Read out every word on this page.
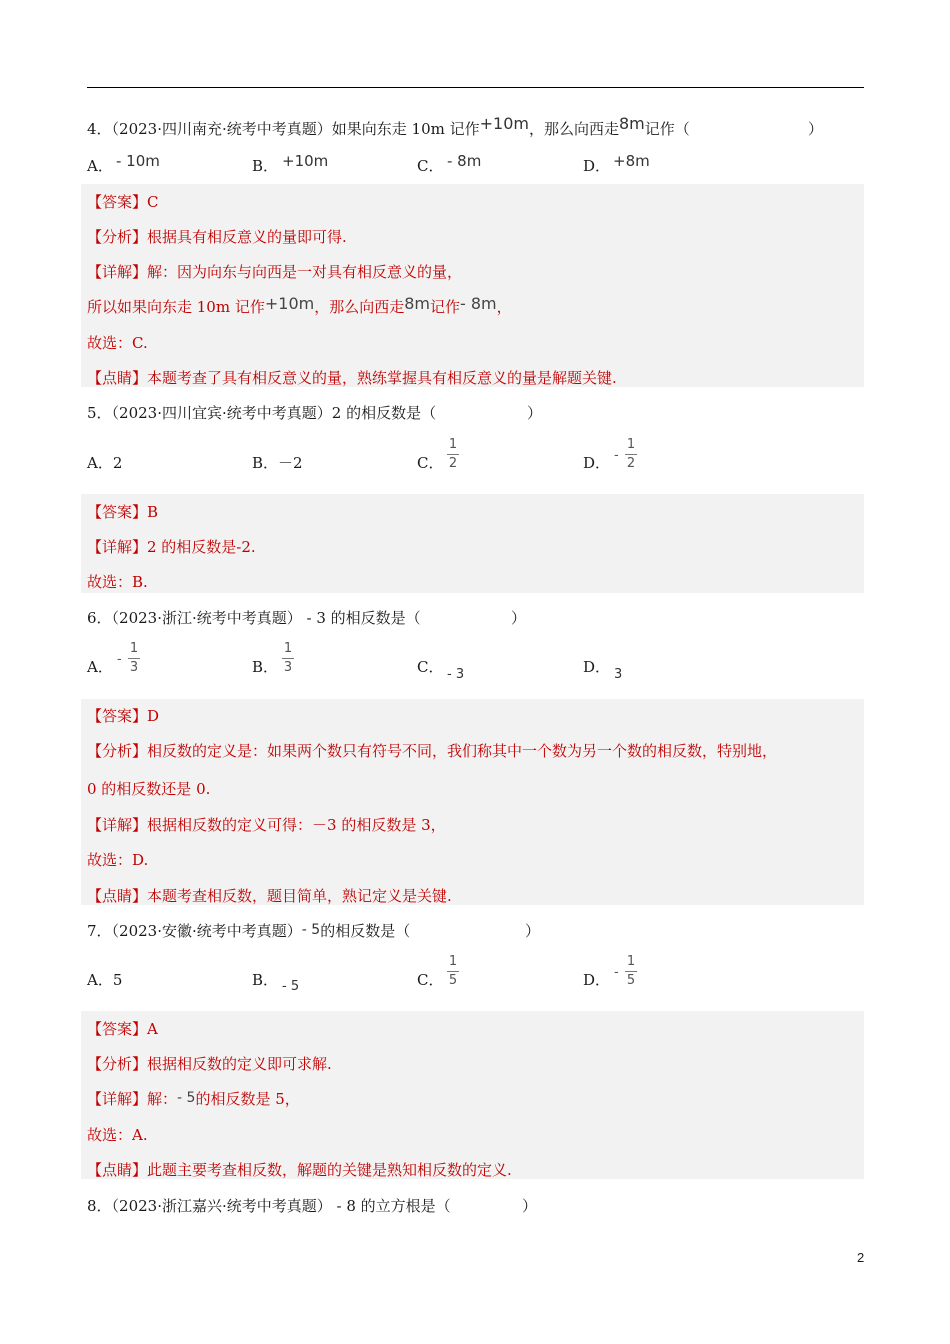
4．（2023·四川南充·统考中考真题）如果向东走 10m 记作+10m，那么向西走8m记作（	）
A． - 10m	B． +10m	C． - 8m	D． +8m
【答案】C
【分析】根据具有相反意义的量即可得.
【详解】解：因为向东与向西是一对具有相反意义的量，
所以如果向东走 10m 记作+10m，那么向西走8m记作- 8m，
故选：C.
【点睛】本题考查了具有相反意义的量，熟练掌握具有相反意义的量是解题关键.
5．（2023·四川宜宾·统考中考真题）2 的相反数是（	）
A．2	B．－2	C．
1
2	D． -
1
2
【答案】B
【详解】2 的相反数是-2.
故选：B.
6．（2023·浙江·统考中考真题） - 3 的相反数是（	）
A． -
1
3	B．
1
3	C． - 3	D． 3
【答案】D
【分析】相反数的定义是：如果两个数只有符号不同，我们称其中一个数为另一个数的相反数，特别地，
0 的相反数还是 0.
【详解】根据相反数的定义可得：－3 的相反数是 3，
故选：D.
【点睛】本题考查相反数，题目简单，熟记定义是关键.
7．（2023·安徽·统考中考真题）- 5的相反数是（	）
A．5	B． - 5	C．
1
5	D． -
1
5
【答案】A
【分析】根据相反数的定义即可求解.
【详解】解：- 5的相反数是 5，
故选：A.
【点睛】此题主要考查相反数，解题的关键是熟知相反数的定义.
8．（2023·浙江嘉兴·统考中考真题） - 8 的立方根是（	）
2
